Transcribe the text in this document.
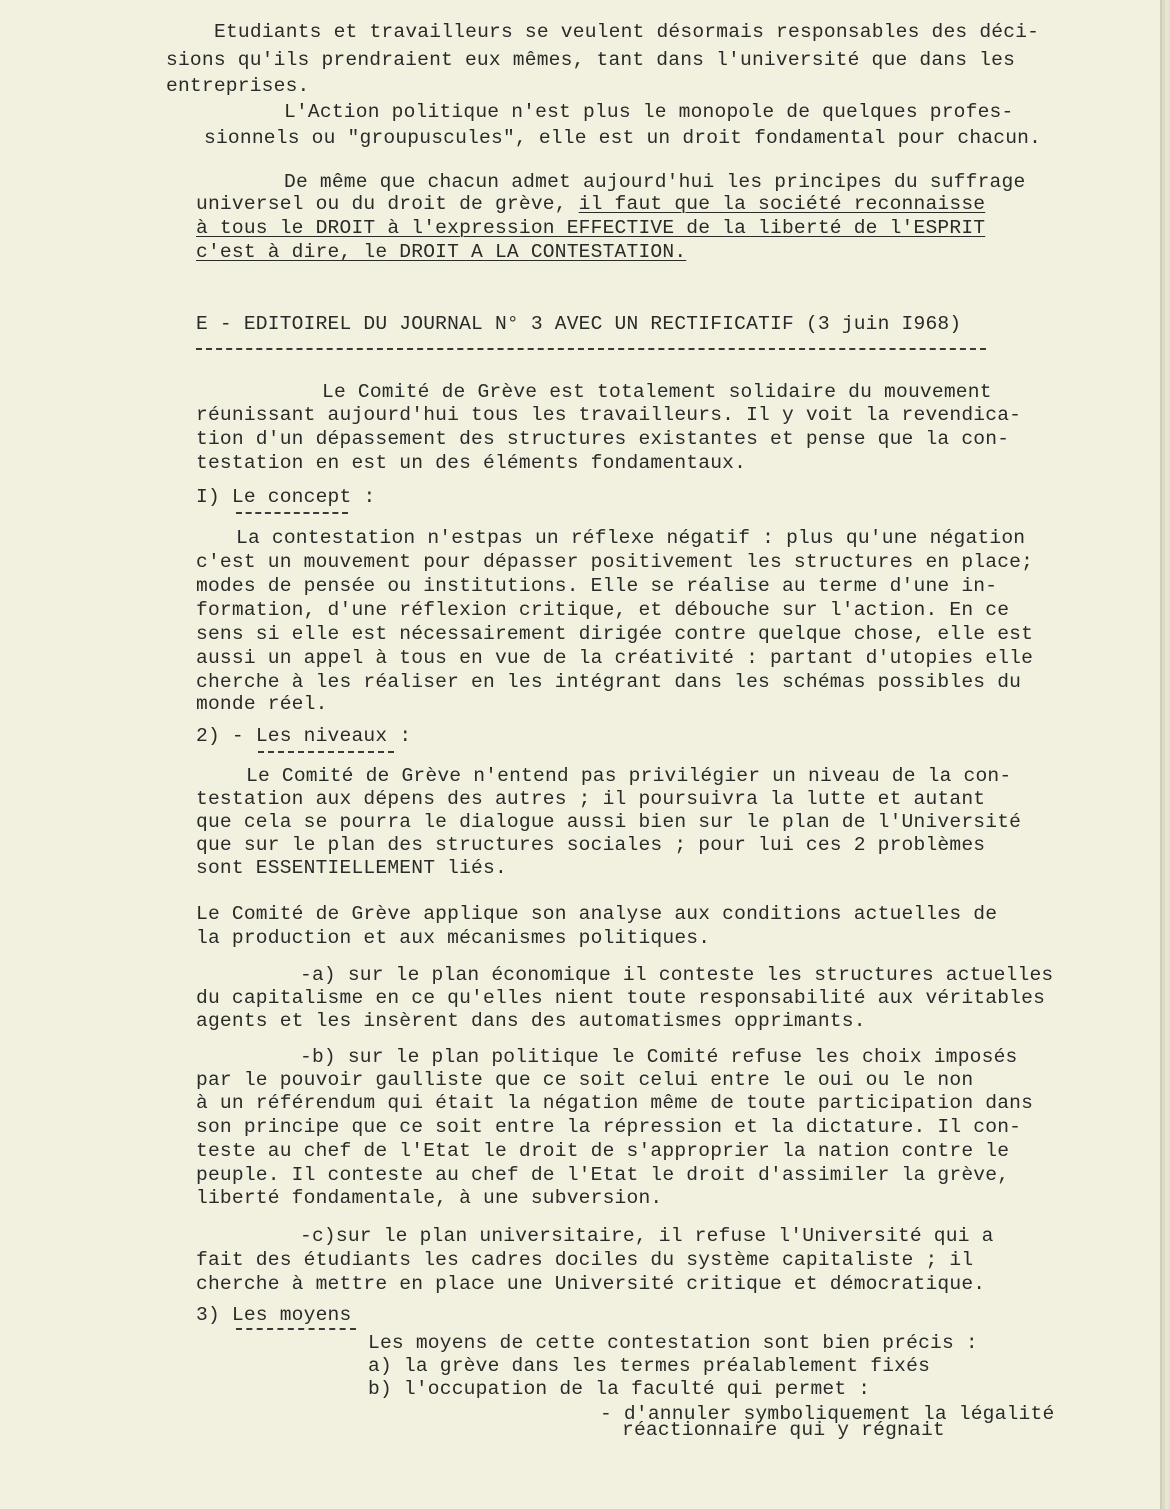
Etudiants et travailleurs se veulent désormais responsables des déci-
sions qu'ils prendraient eux mêmes, tant dans l'université que dans les
entreprises.
L'Action politique n'est plus le monopole de quelques profes-
sionnels ou "groupuscules", elle est un droit fondamental pour chacun.
De même que chacun admet aujourd'hui les principes du suffrage
universel ou du droit de grève, il faut que la société reconnaisse
à tous le DROIT à l'expression EFFECTIVE de la liberté de l'ESPRIT
c'est à dire, le DROIT A LA CONTESTATION.
E - EDITOIREL DU JOURNAL N° 3 AVEC UN RECTIFICATIF (3 juin I968)
Le Comité de Grève est totalement solidaire du mouvement
réunissant aujourd'hui tous les travailleurs. Il y voit la revendica-
tion d'un dépassement des structures existantes et pense que la con-
testation en est un des éléments fondamentaux.
I) Le concept :
La contestation n'estpas un réflexe négatif : plus qu'une négation
c'est un mouvement pour dépasser positivement les structures en place;
modes de pensée ou institutions. Elle se réalise au terme d'une in-
formation, d'une réflexion critique, et débouche sur l'action. En ce
sens si elle est nécessairement dirigée contre quelque chose, elle est
aussi un appel à tous en vue de la créativité : partant d'utopies elle
cherche à les réaliser en les intégrant dans les schémas possibles du
monde réel.
2) - Les niveaux :
Le Comité de Grève n'entend pas privilégier un niveau de la con-
testation aux dépens des autres ; il poursuivra la lutte et autant
que cela se pourra le dialogue aussi bien sur le plan de l'Université
que sur le plan des structures sociales ; pour lui ces 2 problèmes
sont ESSENTIELLEMENT liés.
Le Comité de Grève applique son analyse aux conditions actuelles de
la production et aux mécanismes politiques.
-a) sur le plan économique il conteste les structures actuelles
du capitalisme en ce qu'elles nient toute responsabilité aux véritables
agents et les insèrent dans des automatismes opprimants.
-b) sur le plan politique le Comité refuse les choix imposés
par le pouvoir gaulliste que ce soit celui entre le oui ou le non
à un référendum qui était la négation même de toute participation dans
son principe que ce soit entre la répression et la dictature. Il con-
teste au chef de l'Etat le droit de s'approprier la nation contre le
peuple. Il conteste au chef de l'Etat le droit d'assimiler la grève,
liberté fondamentale, à une subversion.
-c)sur le plan universitaire, il refuse l'Université qui a
fait des étudiants les cadres dociles du système capitaliste ; il
cherche à mettre en place une Université critique et démocratique.
3) Les moyens
Les moyens de cette contestation sont bien précis :
a) la grève dans les termes préalablement fixés
b) l'occupation de la faculté qui permet :
- d'annuler symboliquement la légalité
réactionnaire qui y régnait
